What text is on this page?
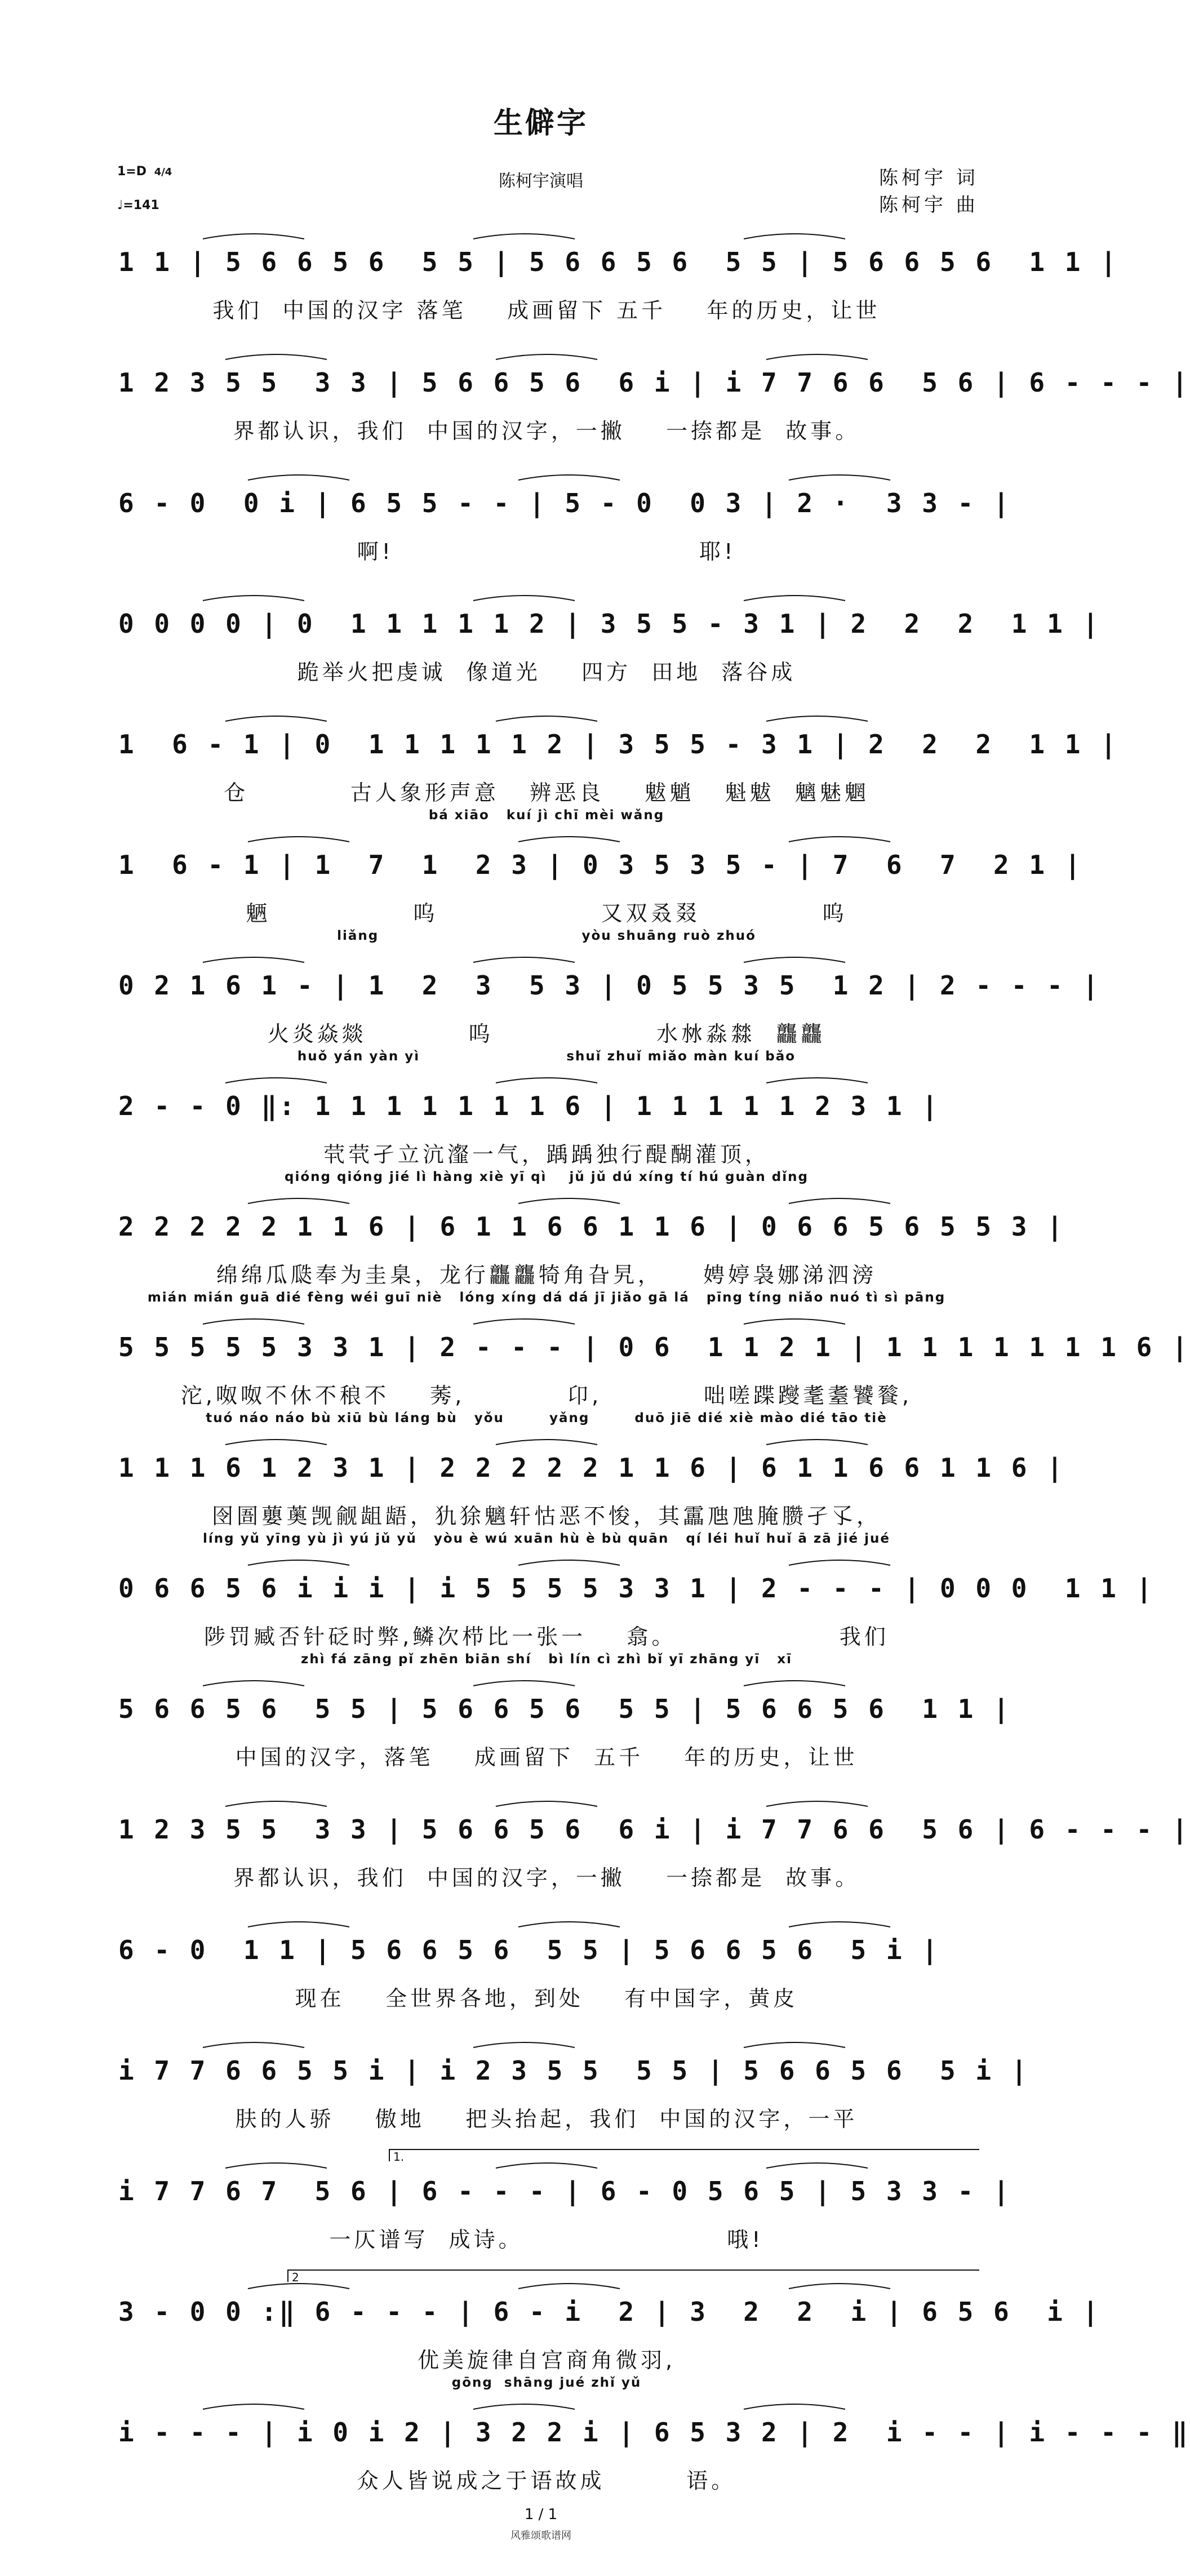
生僻字
1=D 4/4
♩=141
陈柯宇演唱	陈柯宇 词
陈柯宇 曲
1 1 | 5 6 6 5 6  5 5 | 5 6 6 5 6  5 5 | 5 6 6 5 6  1 1 |
我们  中国的汉字 落笔    成画留下 五千    年的历史，让世
1 2 3 5 5  3 3 | 5 6 6 5 6  6 i | i 7 7 6 6  5 6 | 6 - - - |
界都认识，我们  中国的汉字，一撇    一捺都是  故事。
6 - 0  0 i | 6 5 5 - - | 5 - 0  0 3 | 2 ·  3 3 - |
啊!                              耶!
0 0 0 0 | 0  1 1 1 1 1 2 | 3 5 5 - 3 1 | 2  2  2  1 1 |
跪举火把虔诚  像道光    四方  田地  落谷成
1  6 - 1 | 0  1 1 1 1 1 2 | 3 5 5 - 3 1 | 2  2  2  1 1 |
仓          古人象形声意   辨恶良    魃魈   魁魃  魑魅魍
bá xiāo   kuí jì chī mèi wǎng
1  6 - 1 | 1  7  1  2 3 | 0 3 5 3 5 - | 7  6  7  2 1 |
魉              呜                又双叒叕            呜
liǎng                                    yòu shuāng ruò zhuó
0 2 1 6 1 - | 1  2  3  5 3 | 0 5 5 3 5  1 2 | 2 - - - |
火炎焱燚          呜                水沝淼㵘  龘龘
huǒ yán yàn yì                          shuǐ zhuǐ miǎo màn kuí bǎo
2 - - 0 ‖: 1 1 1 1 1 1 1 6 | 1 1 1 1 1 2 3 1 |
茕茕孑立沆瀣一气，踽踽独行醍醐灌顶，
qióng qióng jié lì hàng xiè yī qì    jǔ jǔ dú xíng tí hú guàn dǐng
2 2 2 2 2 1 1 6 | 6 1 1 6 6 1 1 6 | 0 6 6 5 6 5 5 3 |
绵绵瓜瓞奉为圭臬，龙行龘龘犄角旮旯，    娉婷袅娜涕泗滂
mián mián guā dié fèng wéi guī niè   lóng xíng dá dá jī jiǎo gā lá   pīng tíng niǎo nuó tì sì pāng
5 5 5 5 5 3 3 1 | 2 - - - | 0 6  1 1 2 1 | 1 1 1 1 1 1 1 6 |
沱,呶呶不休不稂不    莠,          卬,          咄嗟蹀躞耄耋饕餮,
tuó náo náo bù xiū bù láng bù   yǒu        yǎng        duō jiē dié xiè mào dié tāo tiè
1 1 1 6 1 2 3 1 | 2 2 2 2 2 1 1 6 | 6 1 1 6 6 1 1 6 |
囹圄蘡薁觊觎龃龉，犰狳魑轩怙恶不悛，其靁虺虺腌臜孑孓，
líng yǔ yīng yù jì yú jǔ yǔ   yòu è wú xuān hù è bù quān   qí léi huǐ huǐ ā zā jié jué
0 6 6 5 6 i i i | i 5 5 5 5 3 3 1 | 2 - - - | 0 0 0  1 1 |
陟罚臧否针砭时弊,鳞次栉比一张一    翕。                我们
zhì fá zāng pǐ zhēn biān shí   bì lín cì zhì bǐ yī zhāng yī   xī
5 6 6 5 6  5 5 | 5 6 6 5 6  5 5 | 5 6 6 5 6  1 1 |
中国的汉字，落笔    成画留下  五千    年的历史，让世
1 2 3 5 5  3 3 | 5 6 6 5 6  6 i | i 7 7 6 6  5 6 | 6 - - - |
界都认识，我们  中国的汉字，一撇    一捺都是  故事。
6 - 0  1 1 | 5 6 6 5 6  5 5 | 5 6 6 5 6  5 i |
现在    全世界各地，到处    有中国字，黄皮
i 7 7 6 6 5 5 i | i 2 3 5 5  5 5 | 5 6 6 5 6  5 i |
肤的人骄    傲地    把头抬起，我们  中国的汉字，一平
i 7 7 6 7  5 6 | 6 - - - | 6 - 0 5 6 5 | 5 3 3 - |
一仄谱写  成诗。                    哦!
1.
3 - 0 0 :‖ 6 - - - | 6 - i  2 | 3  2  2  i | 6 5 6  i |
优美旋律自宫商角微羽,
gōng  shāng jué zhǐ yǔ
2
i - - - | i 0 i 2 | 3 2 2 i | 6 5 3 2 | 2  i - - | i - - - ‖
众人皆说成之于语故成        语。
1 / 1
风雅颂歌谱网
